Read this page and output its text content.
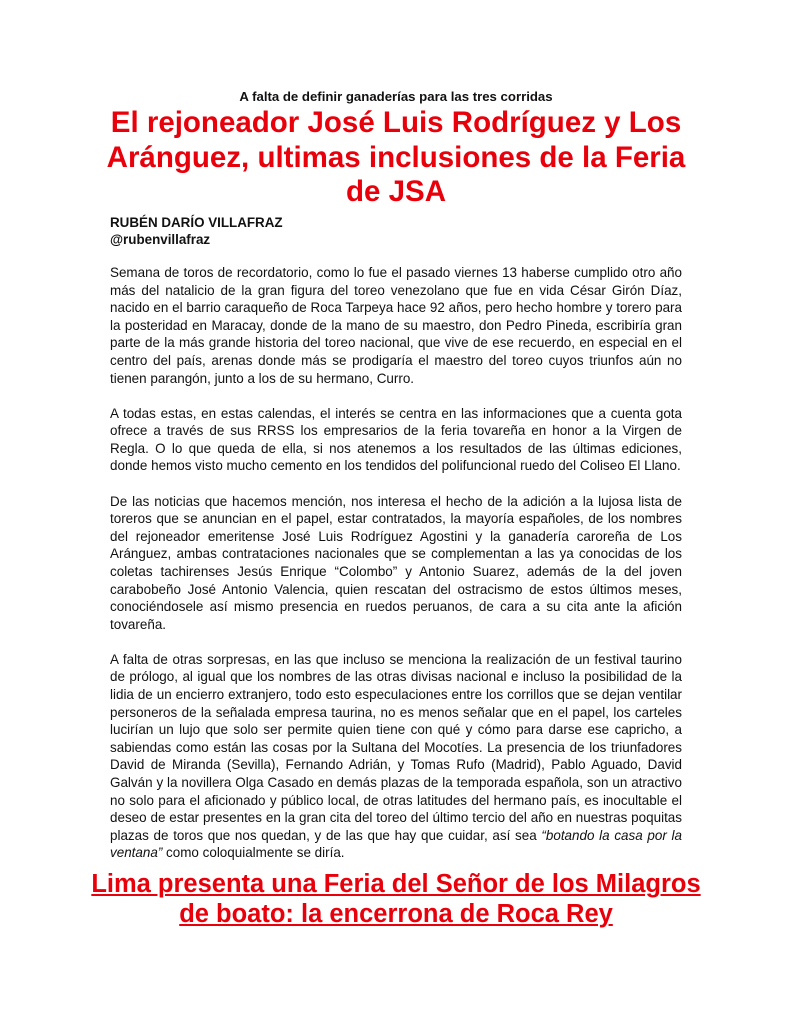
A falta de definir ganaderías para las tres corridas
El rejoneador José Luis Rodríguez y Los Aránguez, ultimas inclusiones de la Feria de JSA
RUBÉN DARÍO VILLAFRAZ
@rubenvillafraz

Semana de toros de recordatorio, como lo fue el pasado viernes 13 haberse cumplido otro año más del natalicio de la gran figura del toreo venezolano que fue en vida César Girón Díaz, nacido en el barrio caraqueño de Roca Tarpeya hace 92 años, pero hecho hombre y torero para la posteridad en Maracay, donde de la mano de su maestro, don Pedro Pineda, escribiría gran parte de la más grande historia del toreo nacional, que vive de ese recuerdo, en especial en el centro del país, arenas donde más se prodigaría el maestro del toreo cuyos triunfos aún no tienen parangón, junto a los de su hermano, Curro.

A todas estas, en estas calendas, el interés se centra en las informaciones que a cuenta gota ofrece a través de sus RRSS los empresarios de la feria tovareña en honor a la Virgen de Regla. O lo que queda de ella, si nos atenemos a los resultados de las últimas ediciones, donde hemos visto mucho cemento en los tendidos del polifuncional ruedo del Coliseo El Llano.

De las noticias que hacemos mención, nos interesa el hecho de la adición a la lujosa lista de toreros que se anuncian en el papel, estar contratados, la mayoría españoles, de los nombres del rejoneador emeritense José Luis Rodríguez Agostini y la ganadería caroreña de Los Aránguez, ambas contrataciones nacionales que se complementan a las ya conocidas de los coletas tachirenses Jesús Enrique “Colombo” y Antonio Suarez, además de la del joven carabobeño José Antonio Valencia, quien rescatan del ostracismo de estos últimos meses, conociéndosele así mismo presencia en ruedos peruanos, de cara a su cita ante la afición tovareña.

A falta de otras sorpresas, en las que incluso se menciona la realización de un festival taurino de prólogo, al igual que los nombres de las otras divisas nacional e incluso la posibilidad de la lidia de un encierro extranjero, todo esto especulaciones entre los corrillos que se dejan ventilar personeros de la señalada empresa taurina, no es menos señalar que en el papel, los carteles lucirían un lujo que solo ser permite quien tiene con qué y cómo para darse ese capricho, a sabiendas como están las cosas por la Sultana del Mocotíes. La presencia de los triunfadores David de Miranda (Sevilla), Fernando Adrián, y Tomas Rufo (Madrid), Pablo Aguado, David Galván y la novillera Olga Casado en demás plazas de la temporada española, son un atractivo no solo para el aficionado y público local, de otras latitudes del hermano país, es inocultable el deseo de estar presentes en la gran cita del toreo del último tercio del año en nuestras poquitas plazas de toros que nos quedan, y de las que hay que cuidar, así sea “botando la casa por la ventana” como coloquialmente se diría.

Lima presenta una Feria del Señor de los Milagros de boato: la encerrona de Roca Rey
